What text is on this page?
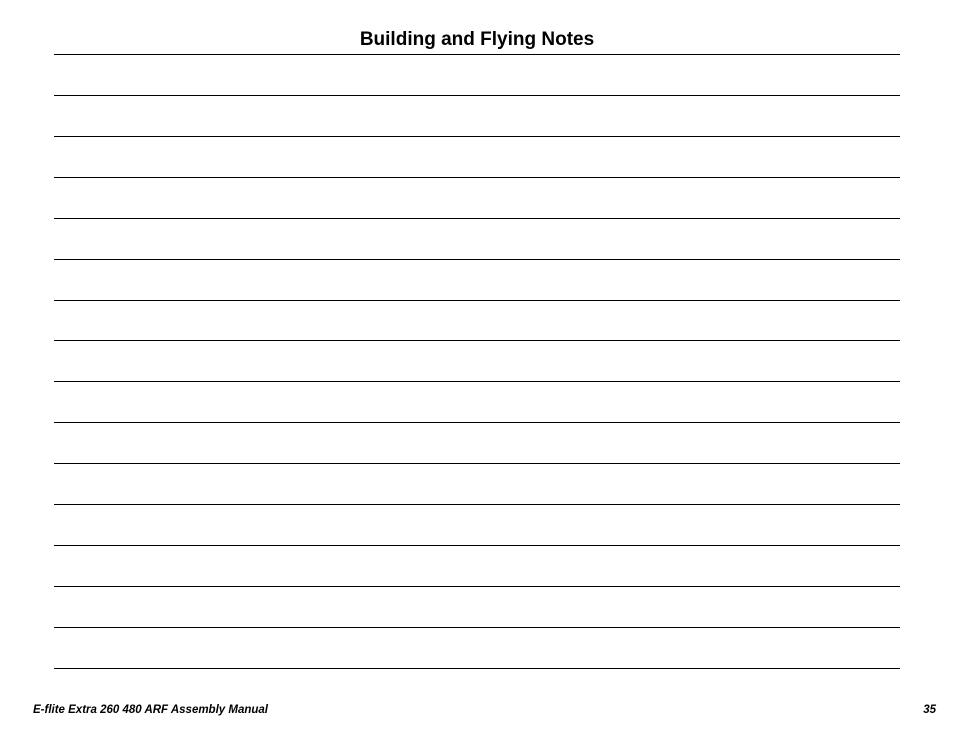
Building and Flying Notes
E-flite Extra 260 480 ARF Assembly Manual	35
